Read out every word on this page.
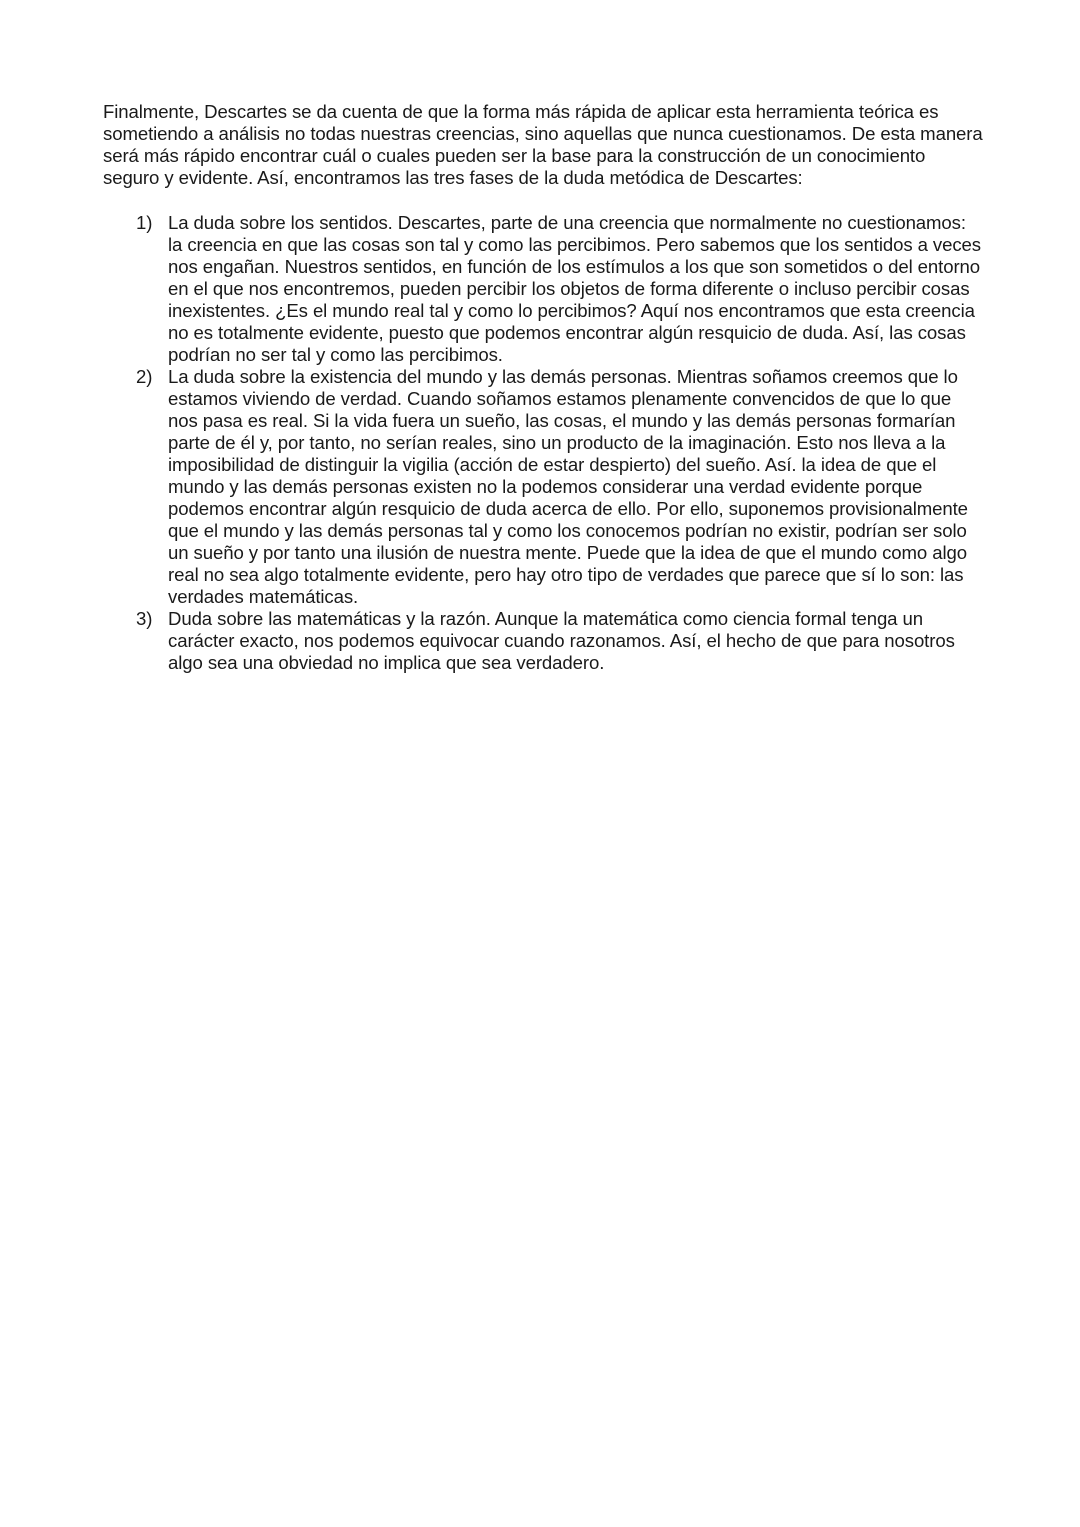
Finalmente, Descartes se da cuenta de que la forma más rápida de aplicar esta herramienta teórica es sometiendo a análisis no todas nuestras creencias, sino aquellas que nunca cuestionamos. De esta manera será más rápido encontrar cuál o cuales pueden ser la base para la construcción de un conocimiento seguro y evidente. Así, encontramos las tres fases de la duda metódica de Descartes:

1) La duda sobre los sentidos. Descartes, parte de una creencia que normalmente no cuestionamos: la creencia en que las cosas son tal y como las percibimos. Pero sabemos que los sentidos a veces nos engañan. Nuestros sentidos, en función de los estímulos a los que son sometidos o del entorno en el que nos encontremos, pueden percibir los objetos de forma diferente o incluso percibir cosas inexistentes. ¿Es el mundo real tal y como lo percibimos? Aquí nos encontramos que esta creencia no es totalmente evidente, puesto que podemos encontrar algún resquicio de duda. Así, las cosas podrían no ser tal y como las percibimos.
2) La duda sobre la existencia del mundo y las demás personas. Mientras soñamos creemos que lo estamos viviendo de verdad. Cuando soñamos estamos plenamente convencidos de que lo que nos pasa es real. Si la vida fuera un sueño, las cosas, el mundo y las demás personas formarían parte de él y, por tanto, no serían reales, sino un producto de la imaginación. Esto nos lleva a la imposibilidad de distinguir la vigilia (acción de estar despierto) del sueño. Así. la idea de que el mundo y las demás personas existen no la podemos considerar una verdad evidente porque podemos encontrar algún resquicio de duda acerca de ello. Por ello, suponemos provisionalmente que el mundo y las demás personas tal y como los conocemos podrían no existir, podrían ser solo un sueño y por tanto una ilusión de nuestra mente. Puede que la idea de que el mundo como algo real no sea algo totalmente evidente, pero hay otro tipo de verdades que parece que sí lo son: las verdades matemáticas.
3) Duda sobre las matemáticas y la razón. Aunque la matemática como ciencia formal tenga un carácter exacto, nos podemos equivocar cuando razonamos. Así, el hecho de que para nosotros algo sea una obviedad no implica que sea verdadero.
